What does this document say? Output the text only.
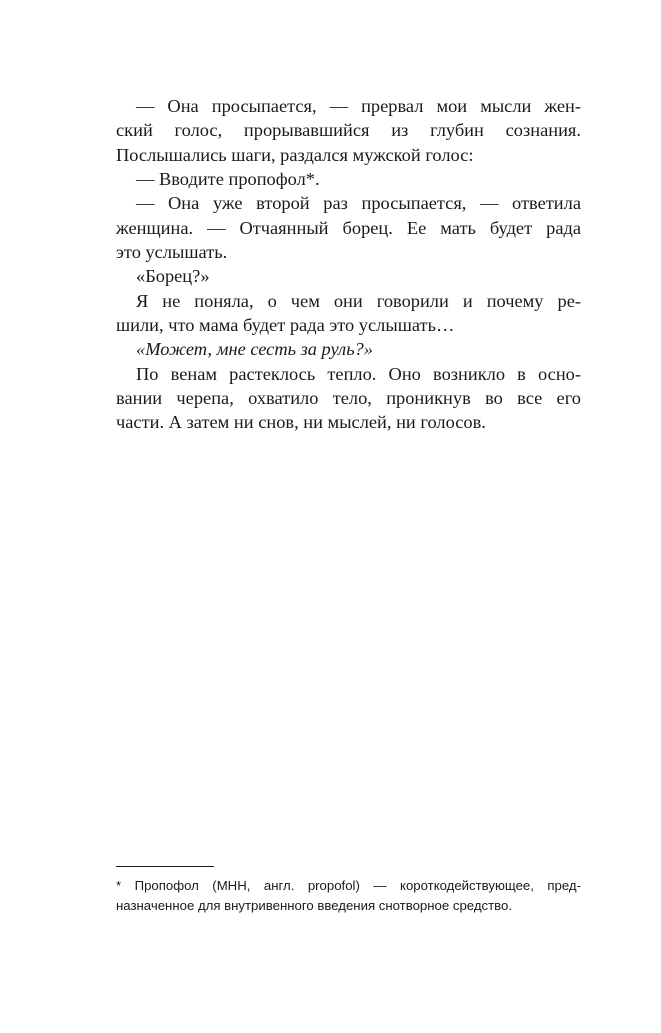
— Она просыпается, — прервал мои мысли жен-
ский голос, прорывавшийся из глубин сознания.
Послышались шаги, раздался мужской голос:
— Вводите пропофол*.
— Она уже второй раз просыпается, — ответила
женщина. — Отчаянный борец. Ее мать будет рада
это услышать.
«Борец?»
Я не поняла, о чем они говорили и почему ре-
шили, что мама будет рада это услышать…
«Может, мне сесть за руль?»
По венам растеклось тепло. Оно возникло в осно-
вании черепа, охватило тело, проникнув во все его
части. А затем ни снов, ни мыслей, ни голосов.
* Пропофол (МНН, англ. propofol) — короткодействующее, пред-
назначенное для внутривенного введения снотворное средство.
